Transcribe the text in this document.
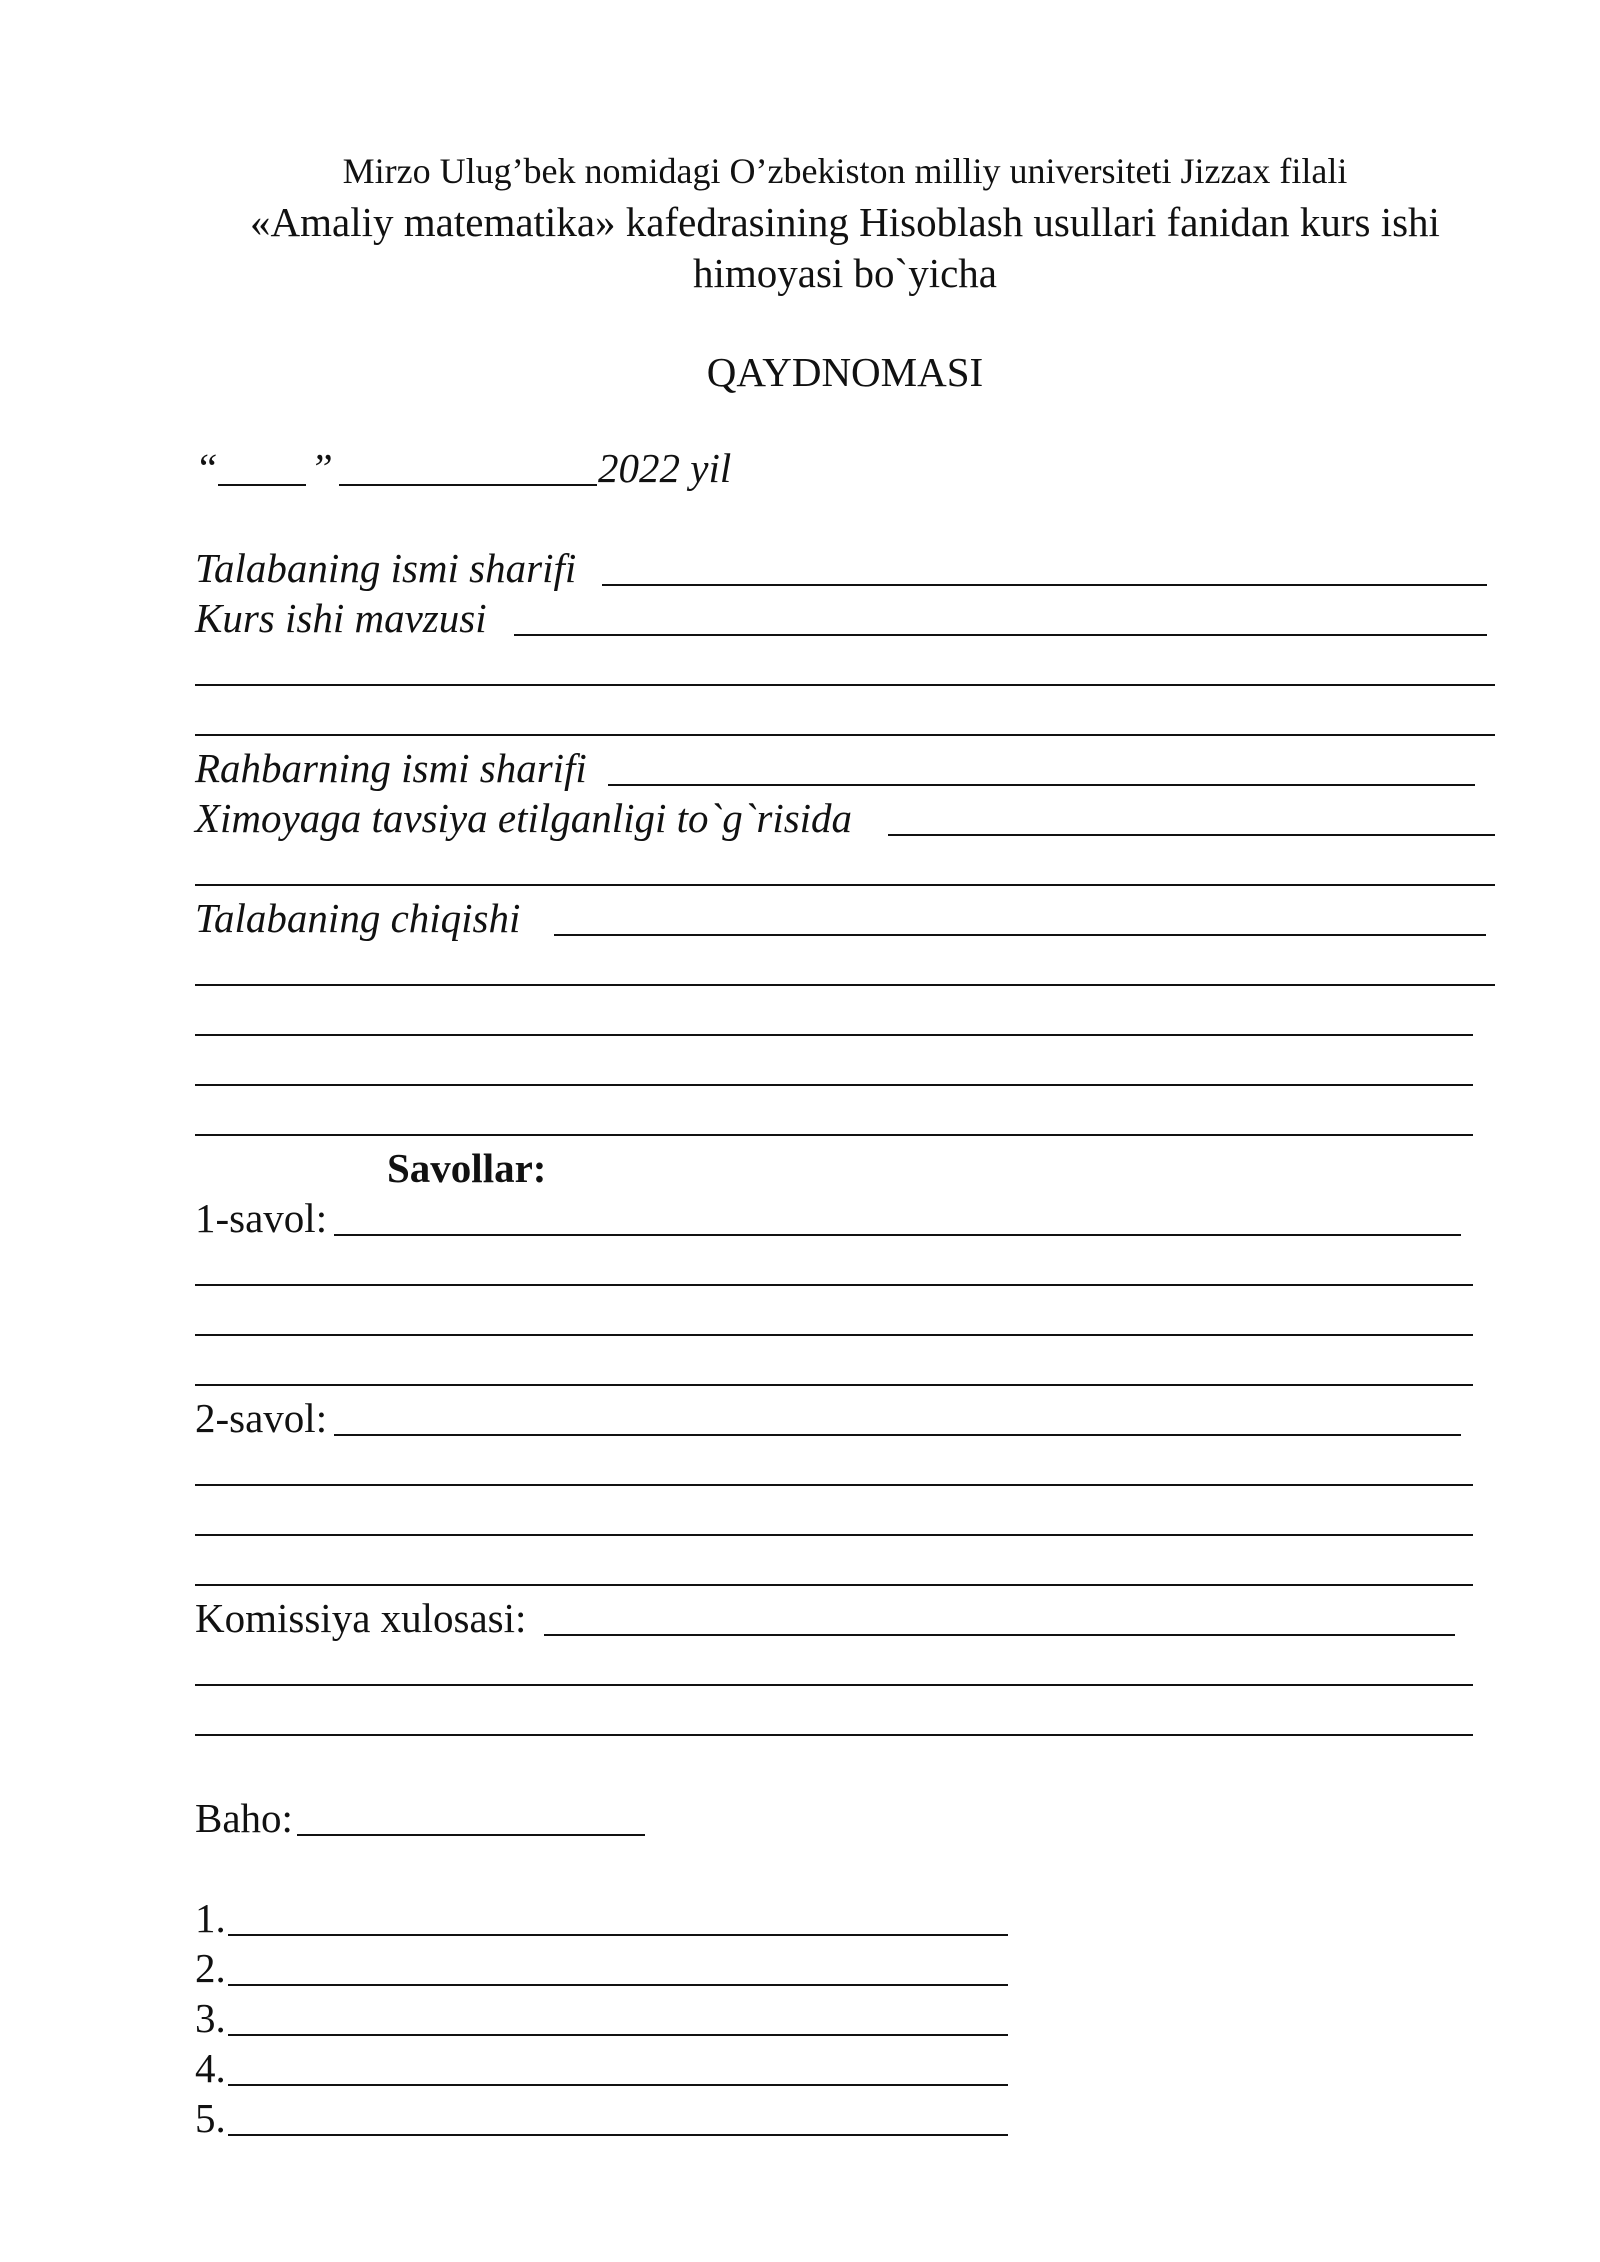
Mirzo Ulug’bek nomidagi O’zbekiston milliy universiteti Jizzax filali
«Amaliy matematika» kafedrasining Hisoblash usullari fanidan kurs ishi
himoyasi bo`yicha
QAYDNOMASI
“ ”	2022 yil
Talabaning ismi sharifi
Kurs ishi mavzusi
Rahbarning ismi sharifi
Ximoyaga tavsiya etilganligi to`g`risida
Talabaning chiqishi
Savollar:
1-savol:
2-savol:
Komissiya xulosasi:
Baho:
1.
2.
3.
4.
5.
